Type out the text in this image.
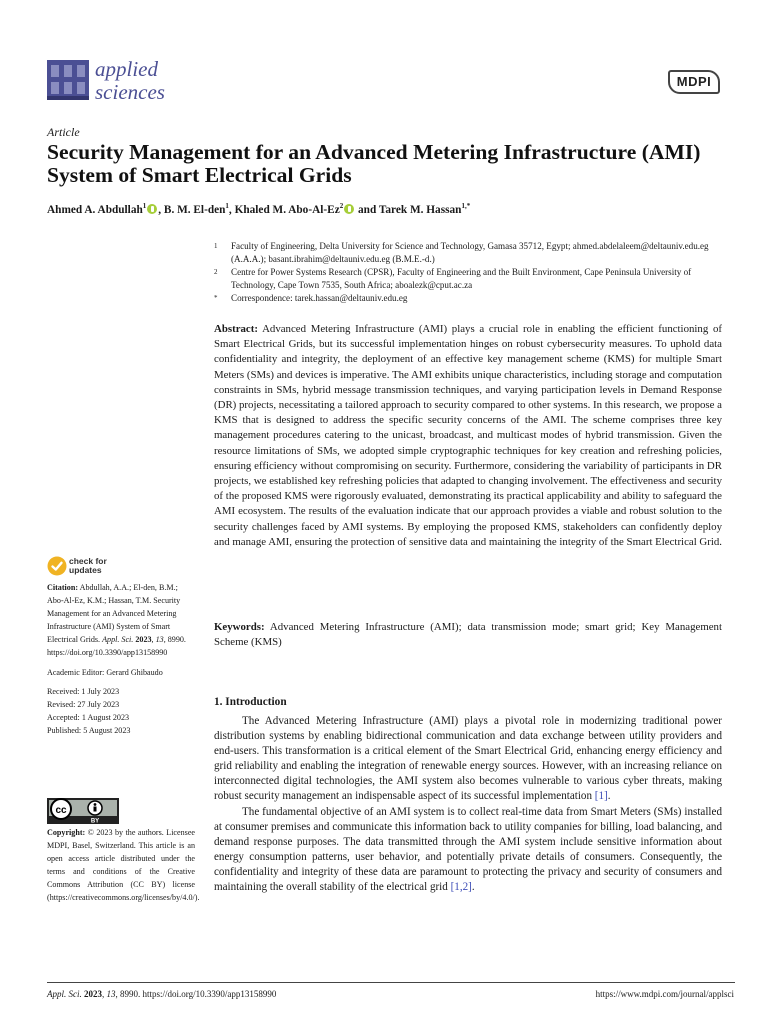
applied
sciences	MDPI
Article
Security Management for an Advanced Metering Infrastructure (AMI) System of Smart Electrical Grids
Ahmed A. Abdullah$^1$ , B. M. El-den$^1$, Khaled M. Abo-Al-Ez$^2$ and Tarek M. Hassan$^{1,*}$
1	Faculty of Engineering, Delta University for Science and Technology, Gamasa 35712, Egypt; ahmed.abdelaleem@deltauniv.edu.eg (A.A.A.); basant.ibrahim@deltauniv.edu.eg (B.M.E.-d.)
2	Centre for Power Systems Research (CPSR), Faculty of Engineering and the Built Environment, Cape Peninsula University of Technology, Cape Town 7535, South Africa; aboalezk@cput.ac.za
*	Correspondence: tarek.hassan@deltauniv.edu.eg
Abstract: Advanced Metering Infrastructure (AMI) plays a crucial role in enabling the efficient functioning of Smart Electrical Grids, but its successful implementation hinges on robust cybersecurity measures. To uphold data confidentiality and integrity, the deployment of an effective key management scheme (KMS) for multiple Smart Meters (SMs) and devices is imperative. The AMI exhibits unique characteristics, including storage and computation constraints in SMs, hybrid message transmission techniques, and varying participation levels in Demand Response (DR) projects, necessitating a tailored approach to security compared to other systems. In this research, we propose a KMS that is designed to address the specific security concerns of the AMI. The scheme comprises three key management procedures catering to the unicast, broadcast, and multicast modes of hybrid transmission. Given the resource limitations of SMs, we adopted simple cryptographic techniques for key creation and refreshing policies, ensuring efficiency without compromising on security. Furthermore, considering the variability of participants in DR projects, we established key refreshing policies that adapted to changing involvement. The effectiveness and security of the proposed KMS were rigorously evaluated, demonstrating its practical applicability and ability to safeguard the AMI ecosystem. The results of the evaluation indicate that our approach provides a viable and robust solution to the security challenges faced by AMI systems. By employing the proposed KMS, stakeholders can confidently deploy and manage AMI, ensuring the protection of sensitive data and maintaining the integrity of the Smart Electrical Grid.
Keywords: Advanced Metering Infrastructure (AMI); data transmission mode; smart grid; Key Management Scheme (KMS)
1. Introduction

The Advanced Metering Infrastructure (AMI) plays a pivotal role in modernizing traditional power distribution systems by enabling bidirectional communication and data exchange between utility providers and end-users. This transformation is a critical element of the Smart Electrical Grid, enhancing energy efficiency and grid reliability and enabling the integration of renewable energy sources. However, with an increasing reliance on interconnected digital technologies, the AMI system also becomes vulnerable to various cyber threats, making robust security management an indispensable aspect of its successful implementation [1].

The fundamental objective of an AMI system is to collect real-time data from Smart Meters (SMs) installed at consumer premises and communicate this information back to utility companies for billing, load balancing, and demand response purposes. The data transmitted through the AMI system include sensitive information about energy consumption patterns, user behavior, and potentially private details of consumers. Consequently, the confidentiality and integrity of these data are paramount to protecting the privacy and security of consumers and maintaining the overall stability of the electrical grid [1,2].

check for
updates
Citation: Abdullah, A.A.; El-den, B.M.; Abo-Al-Ez, K.M.; Hassan, T.M. Security Management for an Advanced Metering Infrastructure (AMI) System of Smart Electrical Grids. Appl. Sci. 2023, 13, 8990. https://doi.org/10.3390/app13158990
Academic Editor: Gerard Ghibaudo
Received: 1 July 2023
Revised: 27 July 2023
Accepted: 1 August 2023
Published: 5 August 2023
cc
BY
Copyright: © 2023 by the authors. Licensee MDPI, Basel, Switzerland. This article is an open access article distributed under the terms and conditions of the Creative Commons Attribution (CC BY) license (https://creativecommons.org/licenses/by/4.0/).
Appl. Sci. 2023, 13, 8990. https://doi.org/10.3390/app13158990	https://www.mdpi.com/journal/applsci
